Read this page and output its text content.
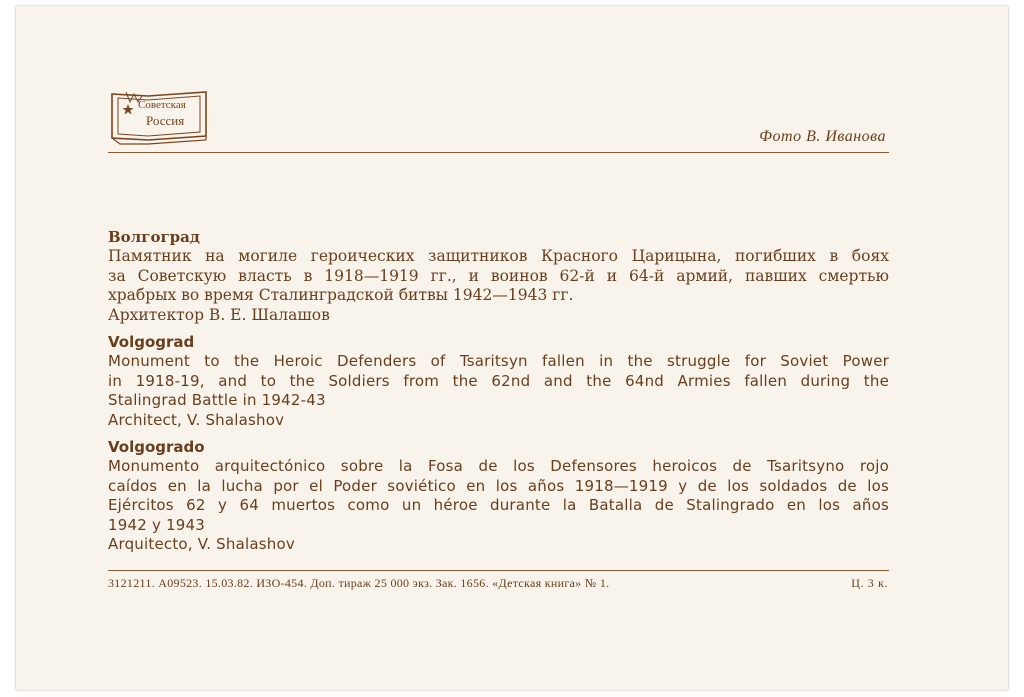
Советская
Россия
Фото В. Иванова
Волгоград
Памятник на могиле героических защитников Красного Царицына, погибших в боях
за Советскую власть в 1918—1919 гг., и воинов 62-й и 64-й армий, павших смертью
храбрых во время Сталинградской битвы 1942—1943 гг.
Архитектор В. Е. Шалашов
Volgograd
Monument to the Heroic Defenders of Tsaritsyn fallen in the struggle for Soviet Power
in 1918-19, and to the Soldiers from the 62nd and the 64nd Armies fallen during the
Stalingrad Battle in 1942-43
Architect, V. Shalashov
Volgogrado
Monumento arquitectónico sobre la Fosa de los Defensores heroicos de Tsaritsyno rojo
caídos en la lucha por el Poder soviético en los años 1918—1919 y de los soldados de los
Ejércitos 62 y 64 muertos como un héroe durante la Batalla de Stalingrado en los años
1942 y 1943
Arquitecto, V. Shalashov
3121211. А09523. 15.03.82. ИЗО-454. Доп. тираж 25 000 экз. Зак. 1656. «Детская книга» № 1.	Ц. 3 к.
